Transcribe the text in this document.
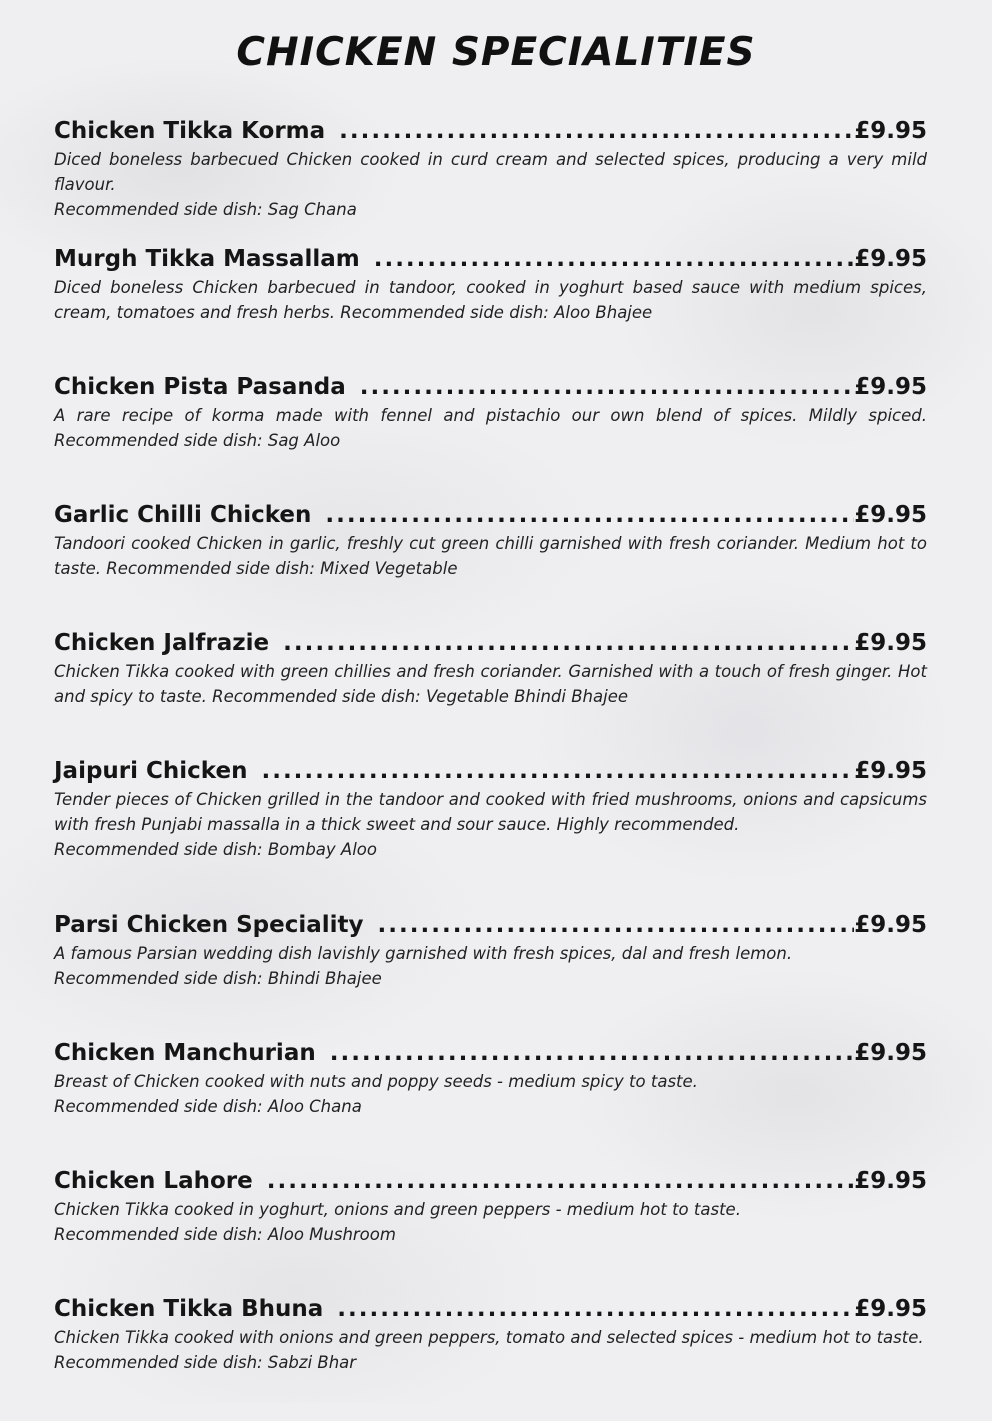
CHICKEN SPECIALITIES
Chicken Tikka Korma .....	£9.95

Diced boneless barbecued Chicken cooked in curd cream and selected spices, producing a very mild flavour.

Recommended side dish: Sag Chana

Murgh Tikka Massallam .....	£9.95

Diced boneless Chicken barbecued in tandoor, cooked in yoghurt based sauce with medium spices, cream, tomatoes and fresh herbs. Recommended side dish: Aloo Bhajee

Chicken Pista Pasanda .....	£9.95

A rare recipe of korma made with fennel and pistachio our own blend of spices. Mildly spiced. Recommended side dish: Sag Aloo

Garlic Chilli Chicken .....	£9.95

Tandoori cooked Chicken in garlic, freshly cut green chilli garnished with fresh coriander. Medium hot to taste. Recommended side dish: Mixed Vegetable

Chicken Jalfrazie .....	£9.95

Chicken Tikka cooked with green chillies and fresh coriander. Garnished with a touch of fresh ginger. Hot and spicy to taste. Recommended side dish: Vegetable Bhindi Bhajee

Jaipuri Chicken .....	£9.95

Tender pieces of Chicken grilled in the tandoor and cooked with fried mushrooms, onions and capsicums with fresh Punjabi massalla in a thick sweet and sour sauce. Highly recommended.

Recommended side dish: Bombay Aloo

Parsi Chicken Speciality .....	£9.95

A famous Parsian wedding dish lavishly garnished with fresh spices, dal and fresh lemon.

Recommended side dish: Bhindi Bhajee

Chicken Manchurian .....	£9.95

Breast of Chicken cooked with nuts and poppy seeds - medium spicy to taste.

Recommended side dish: Aloo Chana

Chicken Lahore .....	£9.95

Chicken Tikka cooked in yoghurt, onions and green peppers - medium hot to taste.

Recommended side dish: Aloo Mushroom

Chicken Tikka Bhuna .....	£9.95

Chicken Tikka cooked with onions and green peppers, tomato and selected spices - medium hot to taste.

Recommended side dish: Sabzi Bhar
